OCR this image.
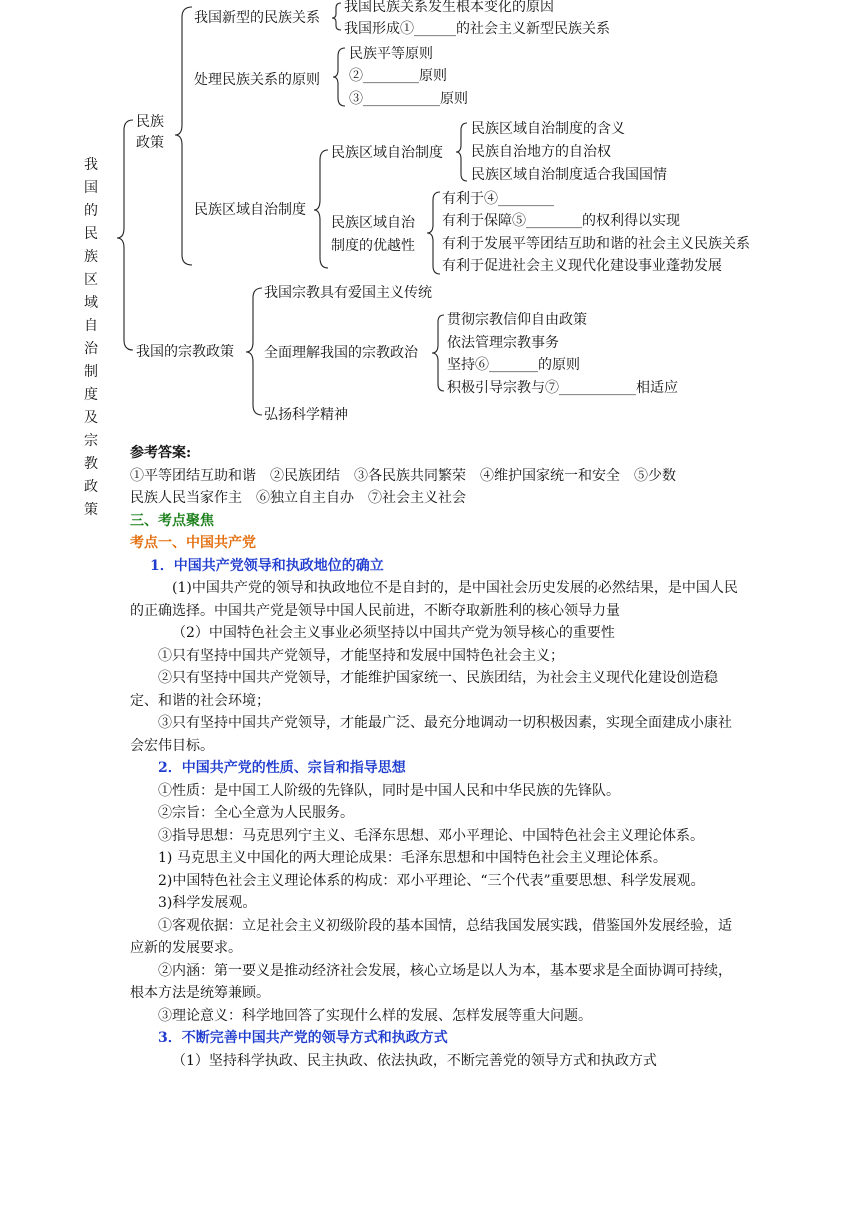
我国的民族区域自治制度及宗教政策
民族政策
我国新型的民族关系
我国民族关系发生根本变化的原因
我国形成①______的社会主义新型民族关系
处理民族关系的原则
民族平等原则
②________原则
③___________原则
民族区域自治制度
民族区域自治制度
民族区域自治制度的含义
民族自治地方的自治权
民族区域自治制度适合我国国情
民族区域自治
制度的优越性
有利于④________
有利于保障⑤________的权利得以实现
有利于发展平等团结互助和谐的社会主义民族关系
有利于促进社会主义现代化建设事业蓬勃发展
我国的宗教政策
我国宗教具有爱国主义传统
全面理解我国的宗教政治
贯彻宗教信仰自由政策
依法管理宗教事务
坚持⑥_______的原则
积极引导宗教与⑦___________相适应
弘扬科学精神

参考答案:

①平等团结互助和谐　②民族团结　③各民族共同繁荣　④维护国家统一和安全　⑤少数

民族人民当家作主　⑥独立自主自办　⑦社会主义社会

三、考点聚焦

考点一、中国共产党

1．中国共产党领导和执政地位的确立

(1)中国共产党的领导和执政地位不是自封的，是中国社会历史发展的必然结果，是中国人民的正确选择。中国共产党是领导中国人民前进，不断夺取新胜利的核心领导力量

（2）中国特色社会主义事业必须坚持以中国共产党为领导核心的重要性

①只有坚持中国共产党领导，才能坚持和发展中国特色社会主义；

②只有坚持中国共产党领导，才能维护国家统一、民族团结，为社会主义现代化建设创造稳定、和谐的社会环境；

③只有坚持中国共产党领导，才能最广泛、最充分地调动一切积极因素，实现全面建成小康社会宏伟目标。

2．中国共产党的性质、宗旨和指导思想

①性质：是中国工人阶级的先锋队，同时是中国人民和中华民族的先锋队。

②宗旨：全心全意为人民服务。

③指导思想：马克思列宁主义、毛泽东思想、邓小平理论、中国特色社会主义理论体系。

1) 马克思主义中国化的两大理论成果：毛泽东思想和中国特色社会主义理论体系。

2)中国特色社会主义理论体系的构成：邓小平理论、“三个代表”重要思想、科学发展观。

3)科学发展观。

①客观依据：立足社会主义初级阶段的基本国情，总结我国发展实践，借鉴国外发展经验，适应新的发展要求。

②内涵：第一要义是推动经济社会发展，核心立场是以人为本，基本要求是全面协调可持续，根本方法是统筹兼顾。

③理论意义：科学地回答了实现什么样的发展、怎样发展等重大问题。

3．不断完善中国共产党的领导方式和执政方式

（1）坚持科学执政、民主执政、依法执政，不断完善党的领导方式和执政方式
